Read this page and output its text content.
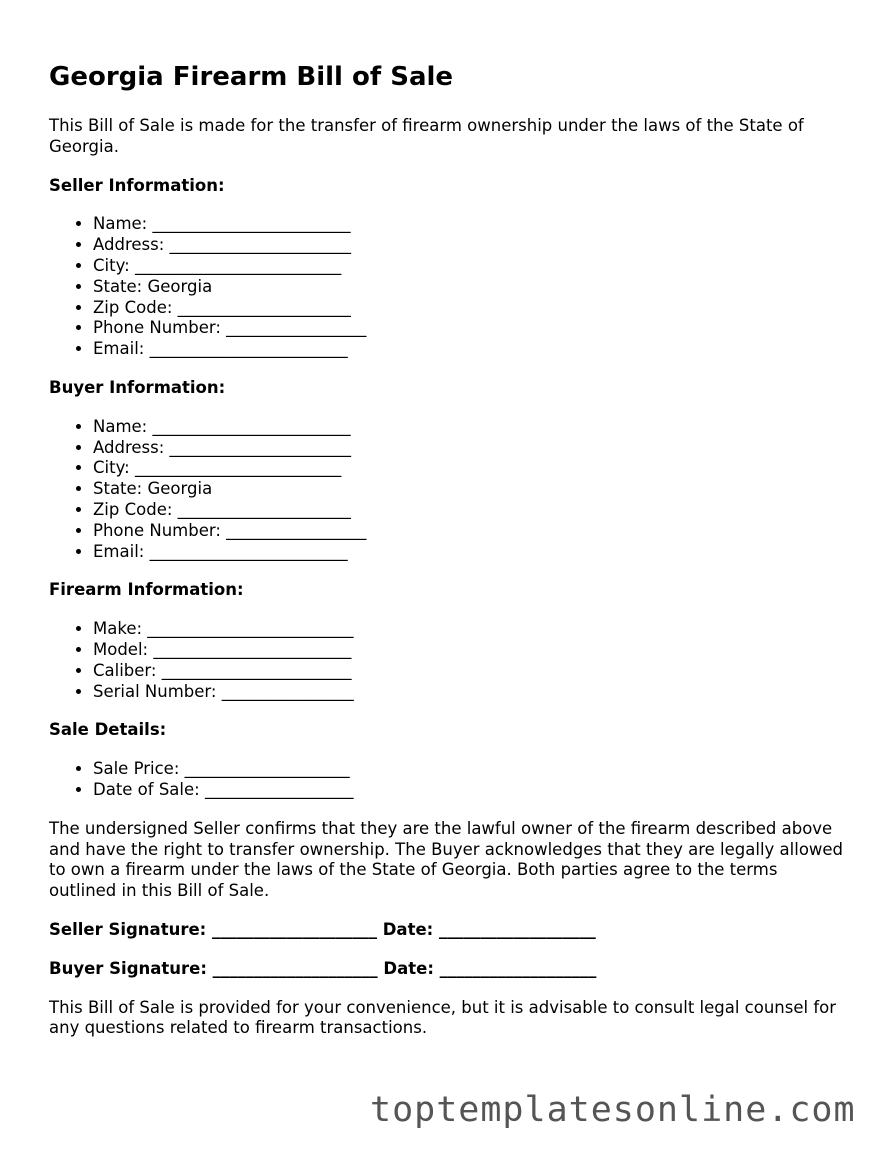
Georgia Firearm Bill of Sale

This Bill of Sale is made for the transfer of firearm ownership under the laws of the State of Georgia.

Seller Information:
• Name: ________________________
• Address: ______________________
• City: _________________________
• State: Georgia
• Zip Code: _____________________
• Phone Number: _________________
• Email: ________________________
Buyer Information:
• Name: ________________________
• Address: ______________________
• City: _________________________
• State: Georgia
• Zip Code: _____________________
• Phone Number: _________________
• Email: ________________________
Firearm Information:
• Make: _________________________
• Model: ________________________
• Caliber: _______________________
• Serial Number: ________________
Sale Details:
• Sale Price: ____________________
• Date of Sale: __________________

The undersigned Seller confirms that they are the lawful owner of the firearm described above and have the right to transfer ownership. The Buyer acknowledges that they are legally allowed to own a firearm under the laws of the State of Georgia. Both parties agree to the terms outlined in this Bill of Sale.

Seller Signature: ____________________ Date: ___________________
Buyer Signature: ____________________ Date: ___________________

This Bill of Sale is provided for your convenience, but it is advisable to consult legal counsel for any questions related to firearm transactions.

toptemplatesonline.com
